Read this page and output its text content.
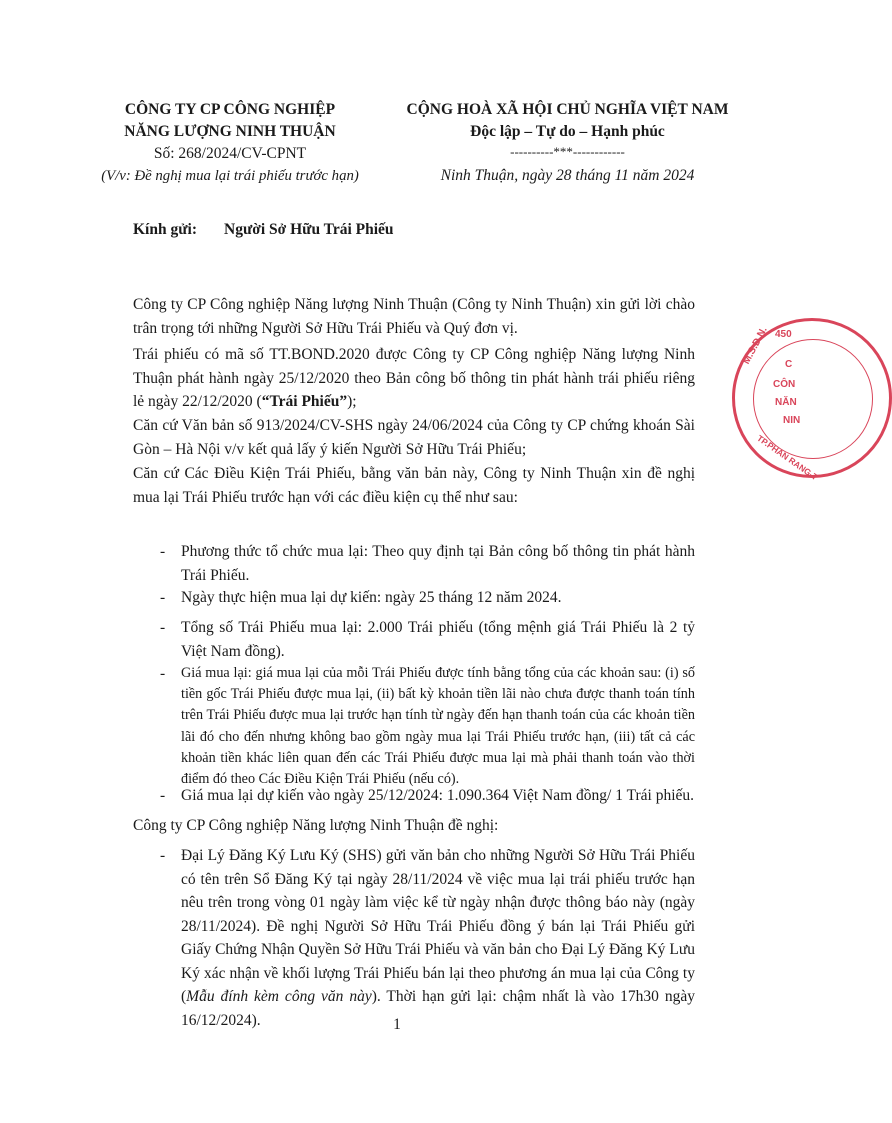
CÔNG TY CP CÔNG NGHIỆP
NĂNG LƯỢNG NINH THUẬN
Số: 268/2024/CV-CPNT
(V/v: Đề nghị mua lại trái phiếu trước hạn)
CỘNG HOÀ XÃ HỘI CHỦ NGHĨA VIỆT NAM
Độc lập – Tự do – Hạnh phúc
----------***------------
Ninh Thuận, ngày 28 tháng 11 năm 2024
Kính gửi: Người Sở Hữu Trái Phiếu
Công ty CP Công nghiệp Năng lượng Ninh Thuận (Công ty Ninh Thuận) xin gửi lời chào trân trọng tới những Người Sở Hữu Trái Phiếu và Quý đơn vị.
Trái phiếu có mã số TT.BOND.2020 được Công ty CP Công nghiệp Năng lượng Ninh Thuận phát hành ngày 25/12/2020 theo Bản công bố thông tin phát hành trái phiếu riêng lẻ ngày 22/12/2020 (“Trái Phiếu”);
Căn cứ Văn bản số 913/2024/CV-SHS ngày 24/06/2024 của Công ty CP chứng khoán Sài Gòn – Hà Nội v/v kết quả lấy ý kiến Người Sở Hữu Trái Phiếu;
Căn cứ Các Điều Kiện Trái Phiếu, bằng văn bản này, Công ty Ninh Thuận xin đề nghị mua lại Trái Phiếu trước hạn với các điều kiện cụ thể như sau:
- Phương thức tổ chức mua lại: Theo quy định tại Bản công bố thông tin phát hành Trái Phiếu.
- Ngày thực hiện mua lại dự kiến: ngày 25 tháng 12 năm 2024.
- Tổng số Trái Phiếu mua lại: 2.000 Trái phiếu (tổng mệnh giá Trái Phiếu là 2 tỷ Việt Nam đồng).
- Giá mua lại: giá mua lại của mỗi Trái Phiếu được tính bằng tổng của các khoản sau: (i) số tiền gốc Trái Phiếu được mua lại, (ii) bất kỳ khoản tiền lãi nào chưa được thanh toán tính trên Trái Phiếu được mua lại trước hạn tính từ ngày đến hạn thanh toán của các khoản tiền lãi đó cho đến nhưng không bao gồm ngày mua lại Trái Phiếu trước hạn, (iii) tất cả các khoản tiền khác liên quan đến các Trái Phiếu được mua lại mà phải thanh toán vào thời điểm đó theo Các Điều Kiện Trái Phiếu (nếu có).
- Giá mua lại dự kiến vào ngày 25/12/2024: 1.090.364 Việt Nam đồng/ 1 Trái phiếu.
Công ty CP Công nghiệp Năng lượng Ninh Thuận đề nghị:
- Đại Lý Đăng Ký Lưu Ký (SHS) gửi văn bản cho những Người Sở Hữu Trái Phiếu có tên trên Sổ Đăng Ký tại ngày 28/11/2024 về việc mua lại trái phiếu trước hạn nêu trên trong vòng 01 ngày làm việc kể từ ngày nhận được thông báo này (ngày 28/11/2024). Đề nghị Người Sở Hữu Trái Phiếu đồng ý bán lại Trái Phiếu gửi Giấy Chứng Nhận Quyền Sở Hữu Trái Phiếu và văn bản cho Đại Lý Đăng Ký Lưu Ký xác nhận về khối lượng Trái Phiếu bán lại theo phương án mua lại của Công ty (Mẫu đính kèm công văn này). Thời hạn gửi lại: chậm nhất là vào 17h30 ngày 16/12/2024).	1
450
M.S.D.N. C
CÔN
NĂN
NIN
TP.PHAN RANG-T
